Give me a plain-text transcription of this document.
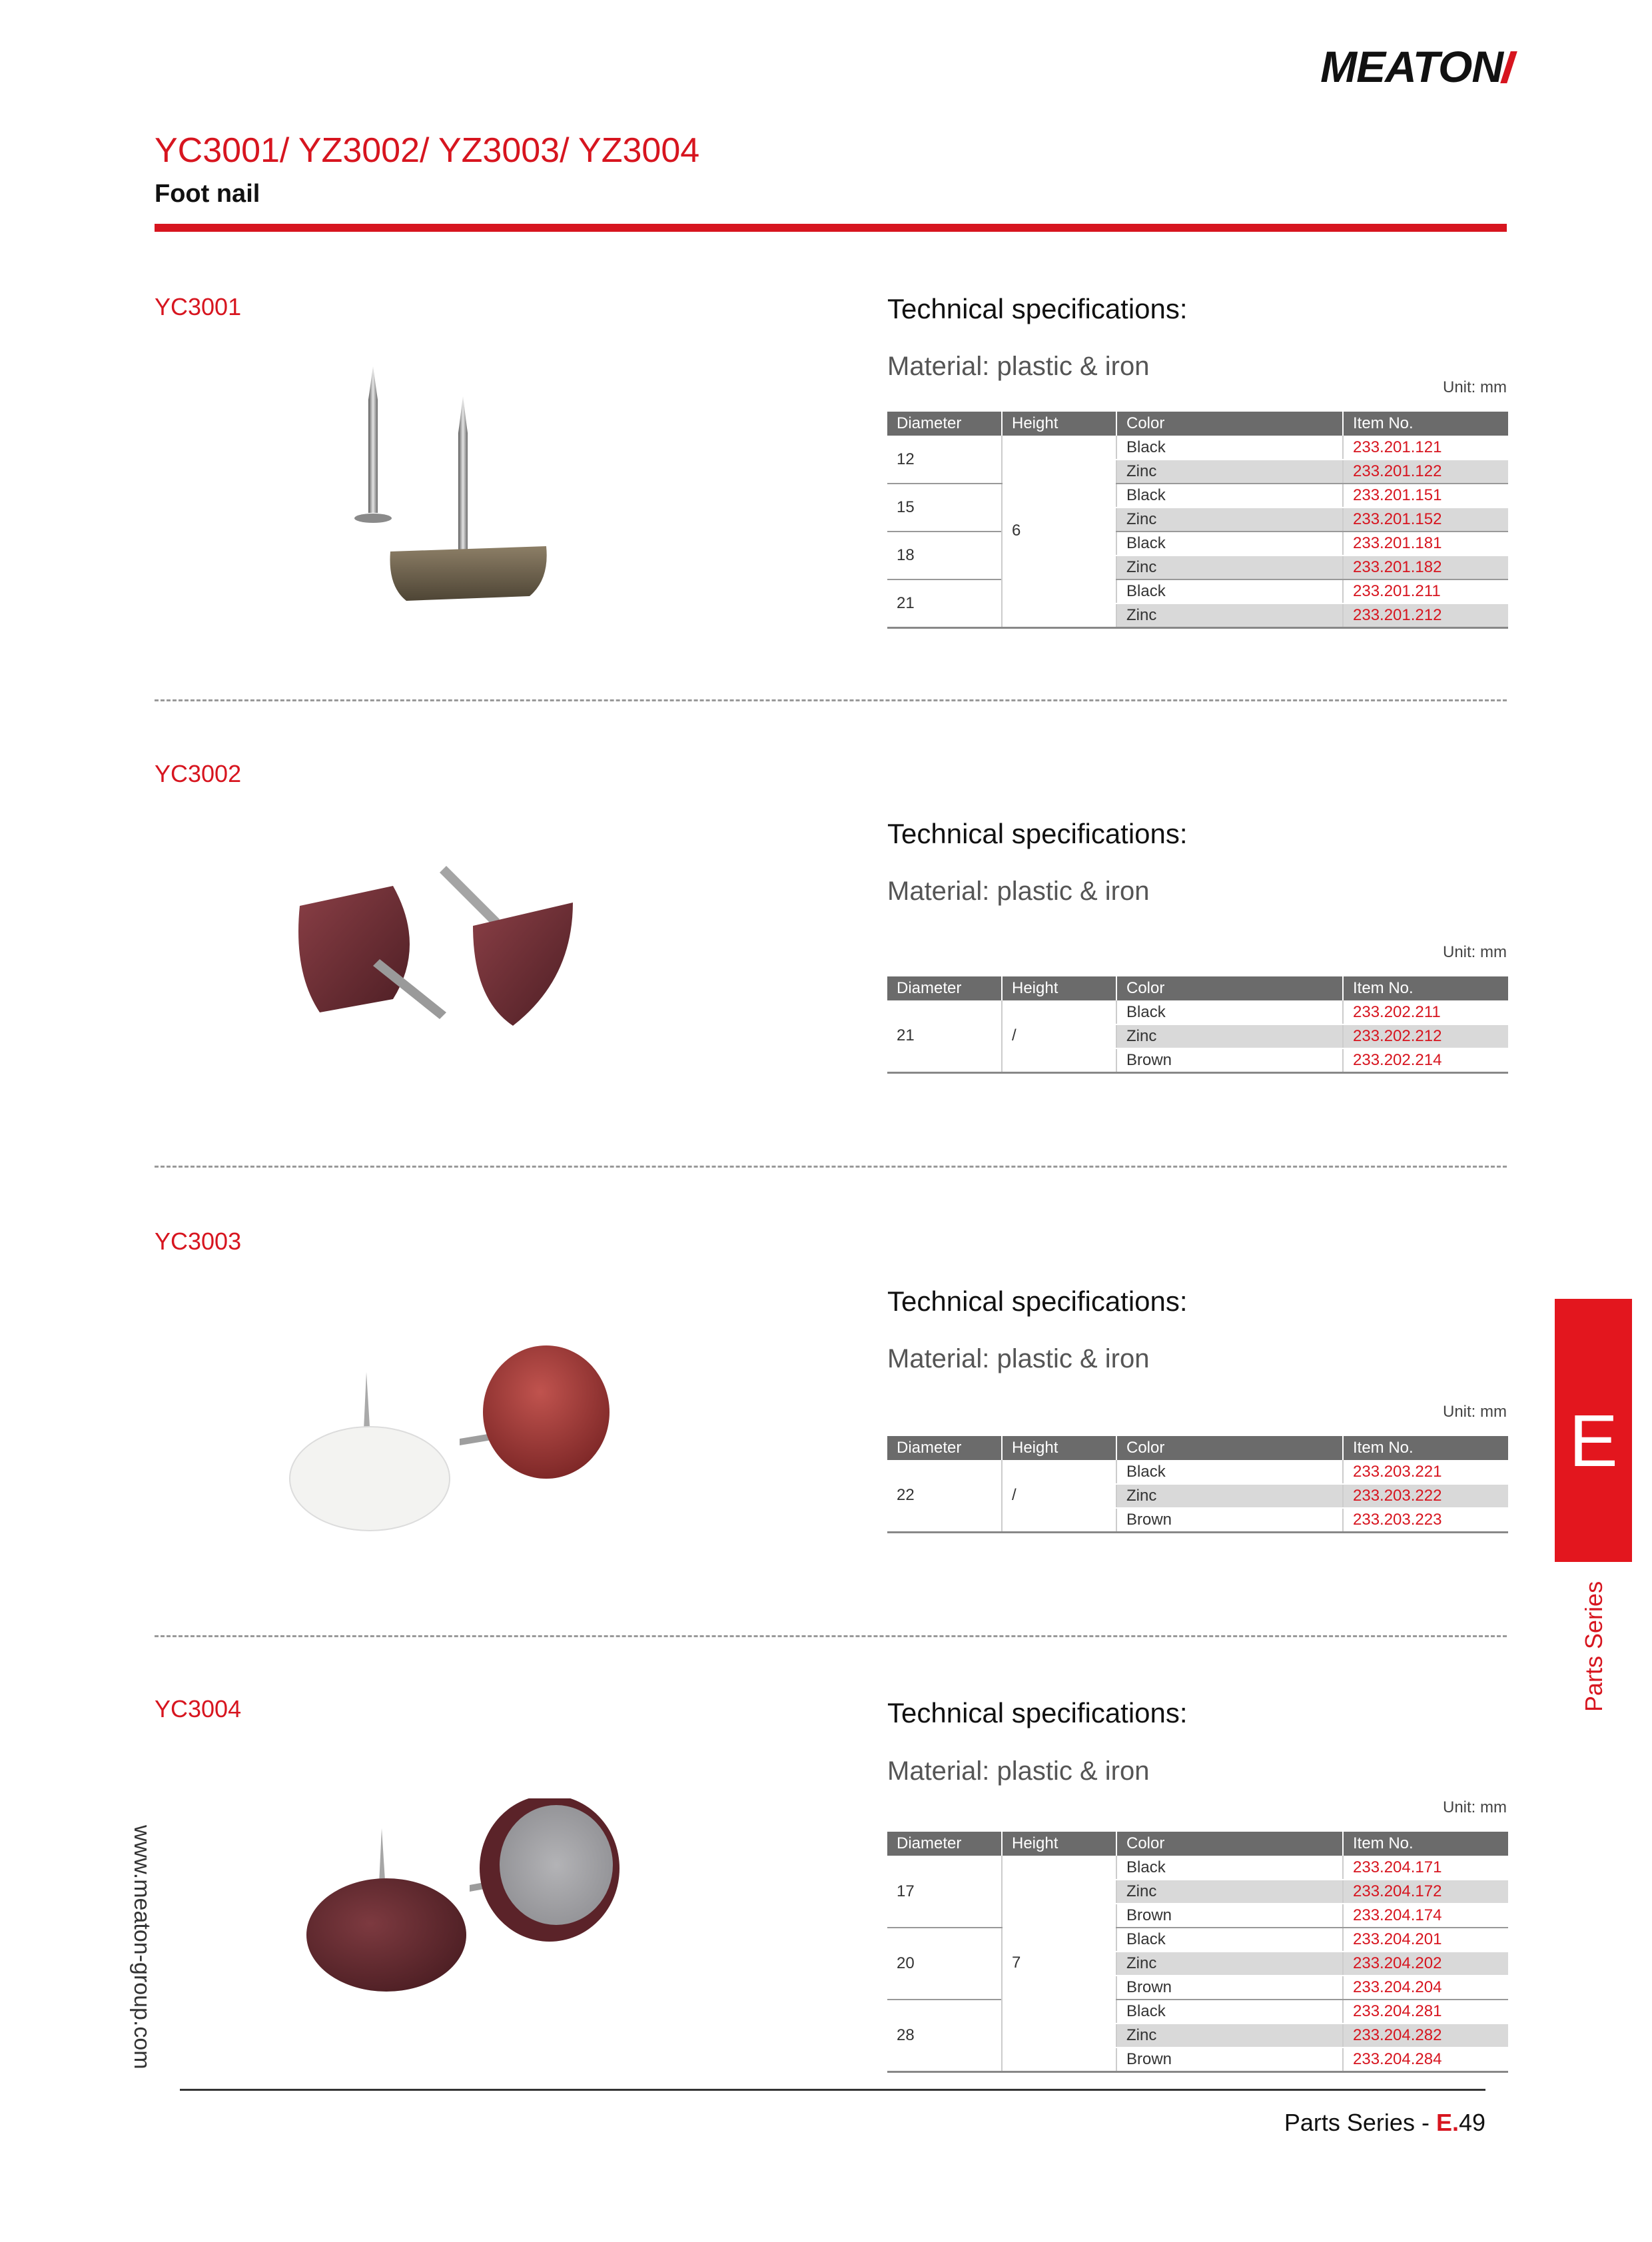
MEATON
YC3001/ YZ3002/ YZ3003/ YZ3004
Foot nail
YC3001	Technical specifications:
Material: plastic & iron
Unit: mm
Diameter	Height	Color	Item No.
12	6	Black	233.201.121
		Zinc	233.201.122
15		Black	233.201.151
		Zinc	233.201.152
18		Black	233.201.181
		Zinc	233.201.182
21		Black	233.201.211
		Zinc	233.201.212
YC3002
Technical specifications:
Material: plastic & iron
Unit: mm
Diameter	Height	Color	Item No.
21	/	Black	233.202.211
		Zinc	233.202.212
		Brown	233.202.214
YC3003
Technical specifications:
Material: plastic & iron
Unit: mm
Diameter	Height	Color	Item No.
22	/	Black	233.203.221
		Zinc	233.203.222
		Brown	233.203.223
YC3004	Technical specifications:
Material: plastic & iron
Unit: mm
Diameter	Height	Color	Item No.
17	7	Black	233.204.171
		Zinc	233.204.172
		Brown	233.204.174
20		Black	233.204.201
		Zinc	233.204.202
		Brown	233.204.204
28		Black	233.204.281
		Zinc	233.204.282
		Brown	233.204.284
E
Parts Series
www.meaton-group.com
Parts Series - E.49
